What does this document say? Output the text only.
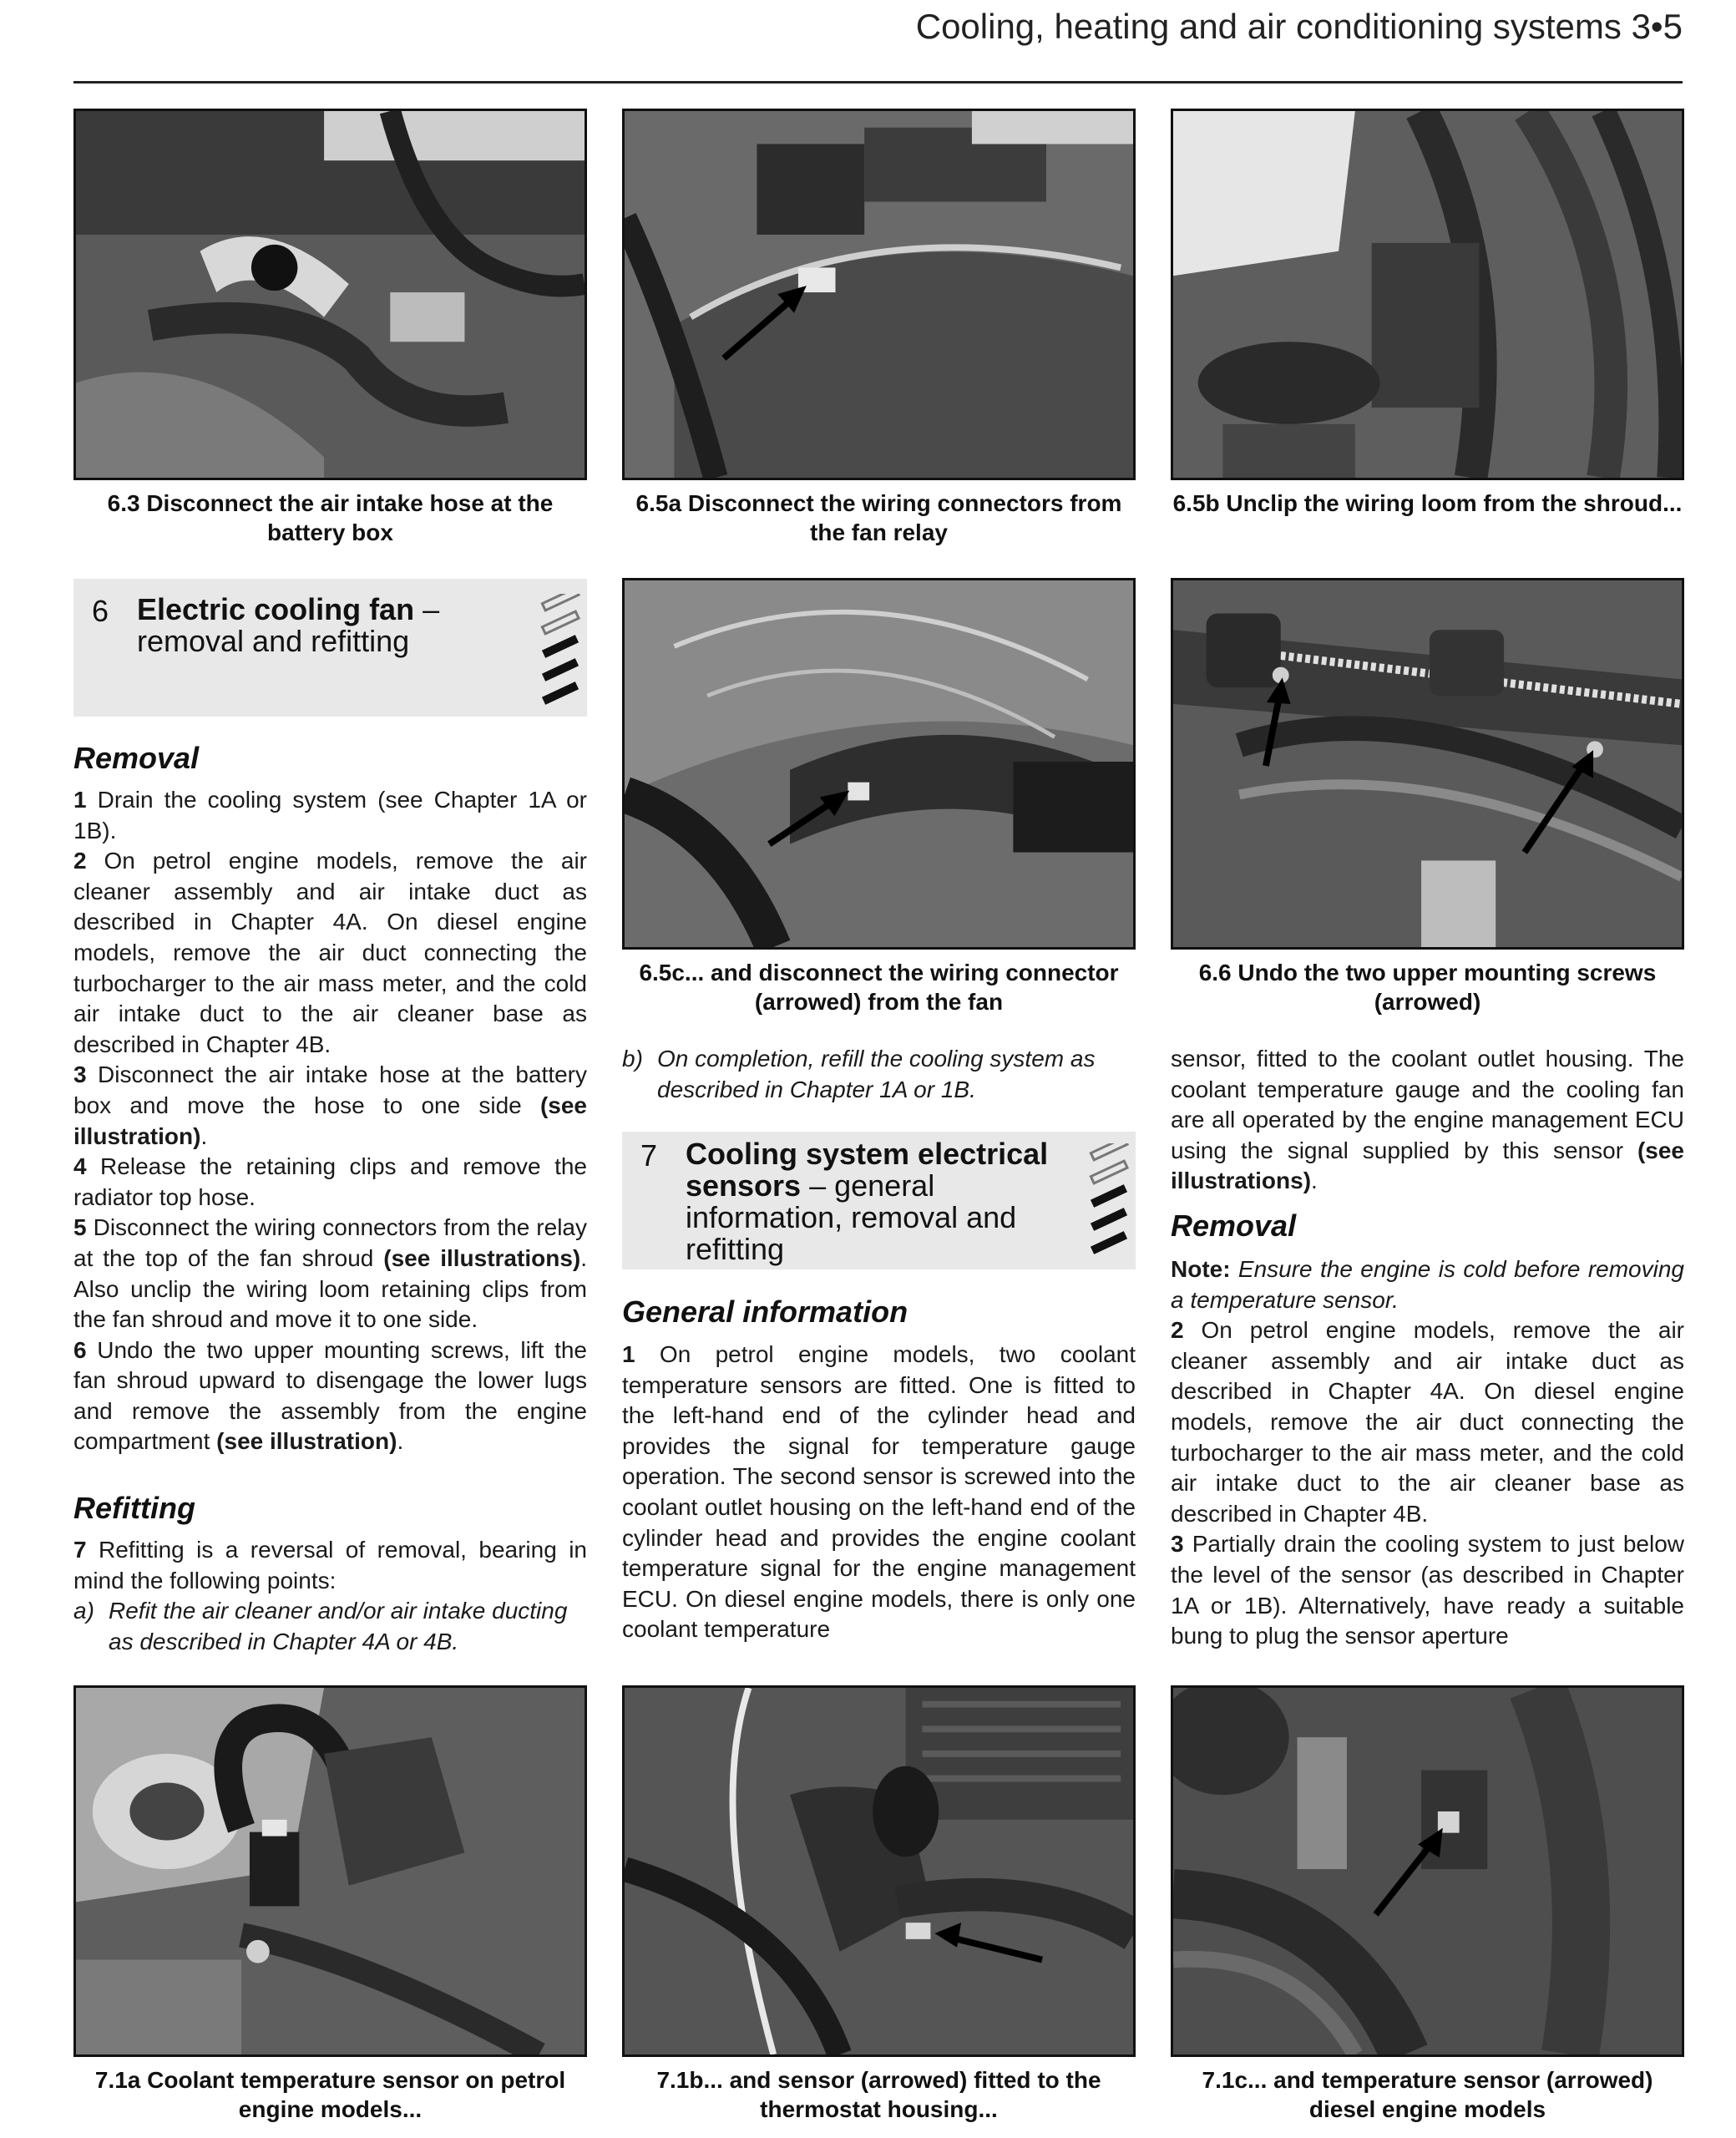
Cooling, heating and air conditioning systems 3•5
6.3 Disconnect the air intake hose at the battery box
6.5a Disconnect the wiring connectors from the fan relay
6.5b Unclip the wiring loom from the shroud...
6 Electric cooling fan – removal and refitting
6.5c... and disconnect the wiring connector (arrowed) from the fan
6.6 Undo the two upper mounting screws (arrowed)
Removal

1 Drain the cooling system (see Chapter 1A or 1B).

2 On petrol engine models, remove the air cleaner assembly and air intake duct as described in Chapter 4A. On diesel engine models, remove the air duct connecting the turbocharger to the air mass meter, and the cold air intake duct to the air cleaner base as described in Chapter 4B.

3 Disconnect the air intake hose at the battery box and move the hose to one side (see illustration).

4 Release the retaining clips and remove the radiator top hose.

5 Disconnect the wiring connectors from the relay at the top of the fan shroud (see illustrations). Also unclip the wiring loom retaining clips from the fan shroud and move it to one side.

6 Undo the two upper mounting screws, lift the fan shroud upward to disengage the lower lugs and remove the assembly from the engine compartment (see illustration).

Refitting

7 Refitting is a reversal of removal, bearing in mind the following points:

a) Refit the air cleaner and/or air intake ducting as described in Chapter 4A or 4B.
b) On completion, refill the cooling system as described in Chapter 1A or 1B.
7 Cooling system electrical
sensors – general information, removal and refitting
General information

1 On petrol engine models, two coolant temperature sensors are fitted. One is fitted to the left-hand end of the cylinder head and provides the signal for temperature gauge operation. The second sensor is screwed into the coolant outlet housing on the left-hand end of the cylinder head and provides the engine coolant temperature signal for the engine management ECU. On diesel engine models, there is only one coolant temperature

sensor, fitted to the coolant outlet housing. The coolant temperature gauge and the cooling fan are all operated by the engine management ECU using the signal supplied by this sensor (see illustrations).

Removal

Note: Ensure the engine is cold before removing a temperature sensor.

2 On petrol engine models, remove the air cleaner assembly and air intake duct as described in Chapter 4A. On diesel engine models, remove the air duct connecting the turbocharger to the air mass meter, and the cold air intake duct to the air cleaner base as described in Chapter 4B.

3 Partially drain the cooling system to just below the level of the sensor (as described in Chapter 1A or 1B). Alternatively, have ready a suitable bung to plug the sensor aperture

7.1a Coolant temperature sensor on petrol engine models...
7.1b... and sensor (arrowed) fitted to the thermostat housing...
7.1c... and temperature sensor (arrowed) diesel engine models
